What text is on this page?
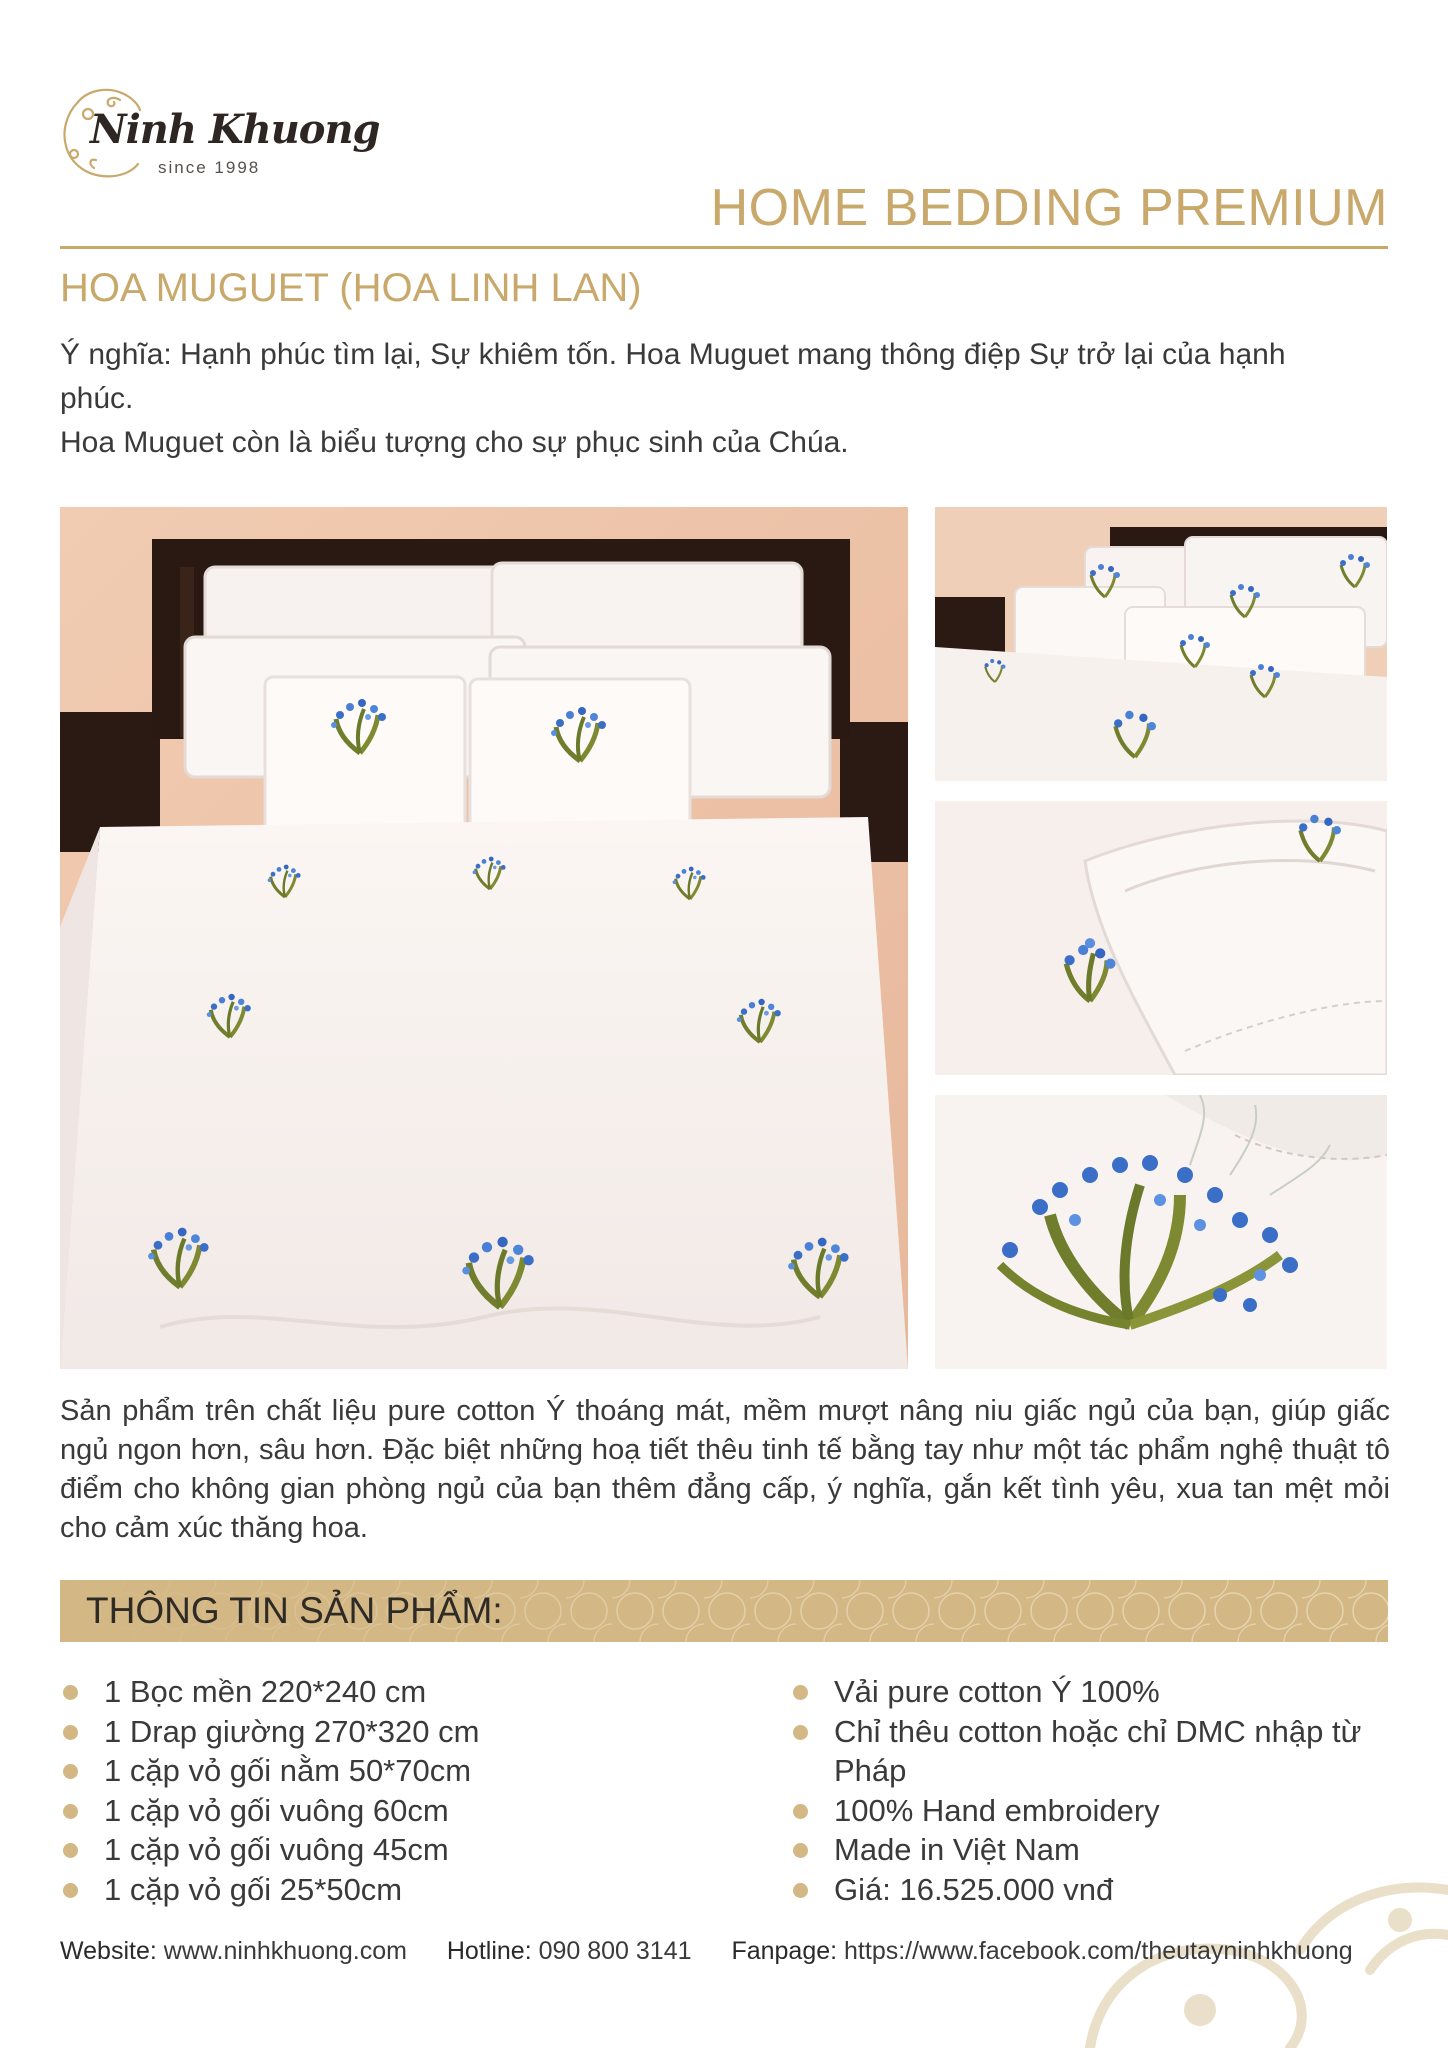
Ninh Khuong
since 1998
HOME BEDDING PREMIUM
HOA MUGUET (HOA LINH LAN)

Ý nghĩa: Hạnh phúc tìm lại, Sự khiêm tốn. Hoa Muguet mang thông điệp Sự trở lại của hạnh phúc.

Hoa Muguet còn là biểu tượng cho sự phục sinh của Chúa.

Sản phẩm trên chất liệu pure cotton Ý thoáng mát, mềm mượt nâng niu giấc ngủ của bạn, giúp giấc ngủ ngon hơn, sâu hơn. Đặc biệt những hoạ tiết thêu tinh tế bằng tay như một tác phẩm nghệ thuật tô điểm cho không gian phòng ngủ của bạn thêm đẳng cấp, ý nghĩa, gắn kết tình yêu, xua tan mệt mỏi cho cảm xúc thăng hoa.
THÔNG TIN SẢN PHẨM:
1 Bọc mền 220*240 cm
1 Drap giường 270*320 cm
1 cặp vỏ gối nằm 50*70cm
1 cặp vỏ gối vuông 60cm
1 cặp vỏ gối vuông 45cm
1 cặp vỏ gối 25*50cm
Vải pure cotton Ý 100%
Chỉ thêu cotton hoặc chỉ DMC nhập từ Pháp
100% Hand embroidery
Made in Việt Nam
Giá: 16.525.000 vnđ
Website: www.ninhkhuong.com Hotline: 090 800 3141 Fanpage: https://www.facebook.com/theutayninhkhuong
